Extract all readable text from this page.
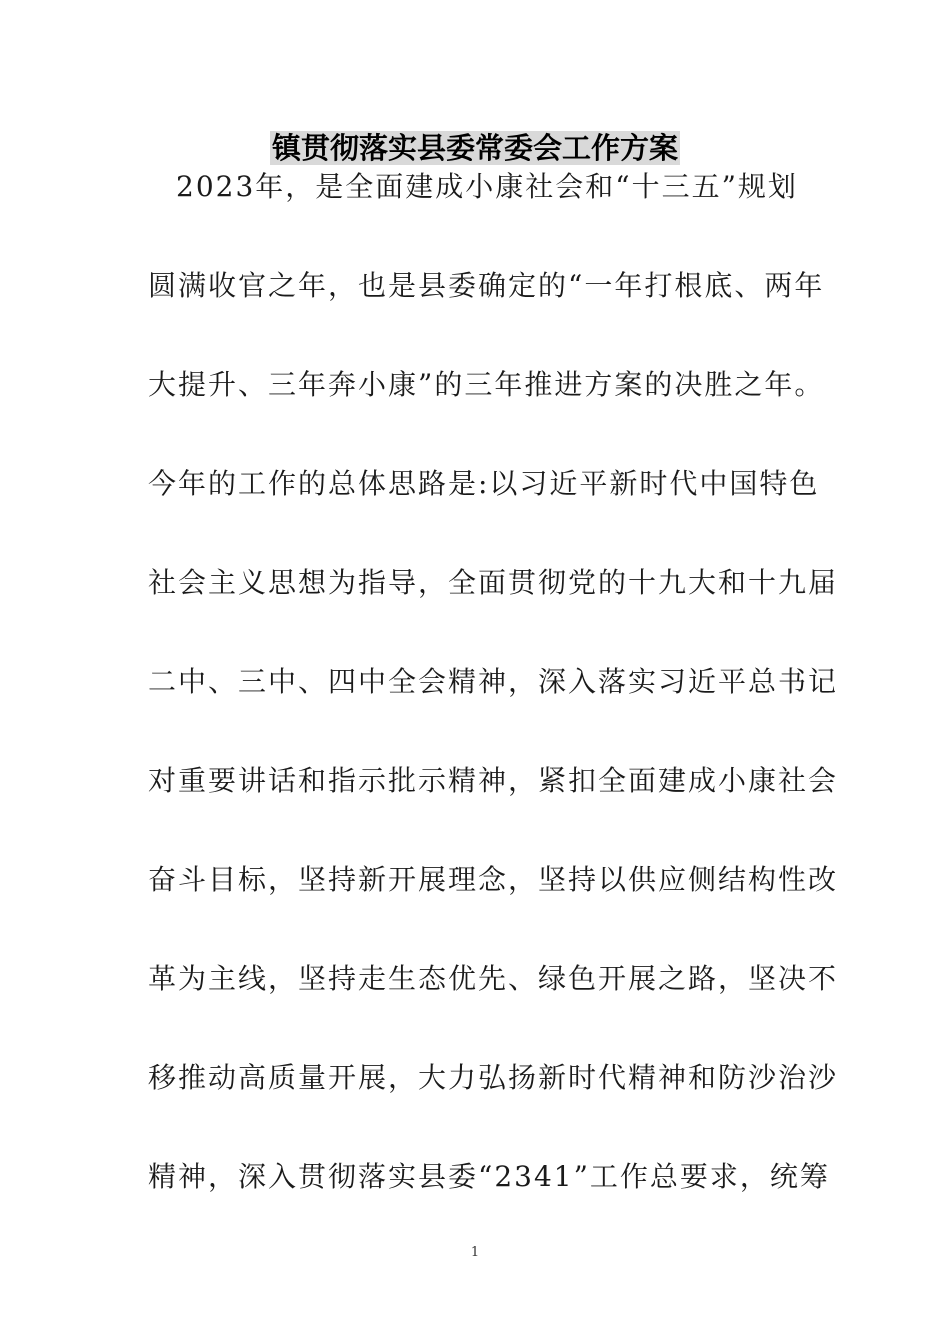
镇贯彻落实县委常委会工作方案
2023年，是全面建成小康社会和“十三五”规划
圆满收官之年，也是县委确定的“一年打根底、两年
大提升、三年奔小康”的三年推进方案的决胜之年。
今年的工作的总体思路是:以习近平新时代中国特色
社会主义思想为指导，全面贯彻党的十九大和十九届
二中、三中、四中全会精神，深入落实习近平总书记
对重要讲话和指示批示精神，紧扣全面建成小康社会
奋斗目标，坚持新开展理念，坚持以供应侧结构性改
革为主线，坚持走生态优先、绿色开展之路，坚决不
移推动高质量开展，大力弘扬新时代精神和防沙治沙
精神，深入贯彻落实县委“2341”工作总要求，统筹
1
